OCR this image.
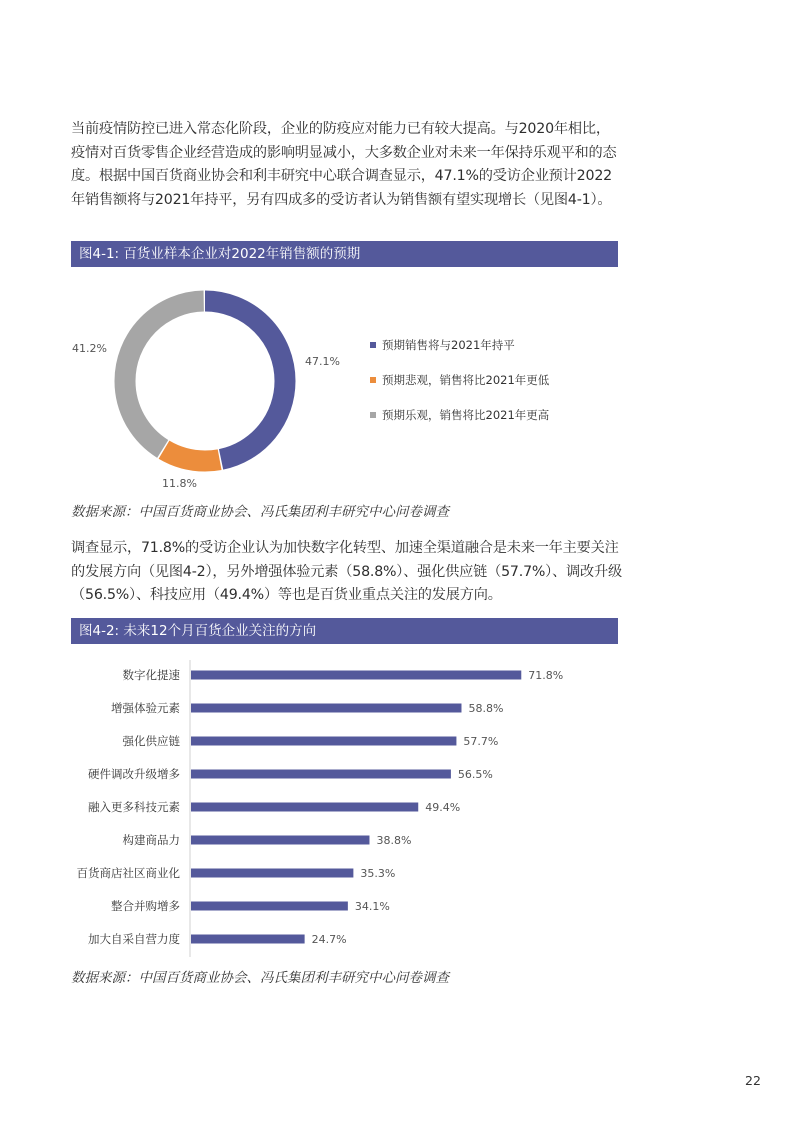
当前疫情防控已进入常态化阶段，企业的防疫应对能力已有较大提高。与2020年相比，疫情对百货零售企业经营造成的影响明显减小，大多数企业对未来一年保持乐观平和的态度。根据中国百货商业协会和利丰研究中心联合调查显示，47.1%的受访企业预计2022年销售额将与2021年持平，另有四成多的受访者认为销售额有望实现增长（见图4-1）。

图4-1: 百货业样本企业对2022年销售额的预期
47.1%
11.8%
41.2%	预期销售将与2021年持平
预期悲观，销售将比2021年更低
预期乐观，销售将比2021年更高

数据来源：中国百货商业协会、冯氏集团利丰研究中心问卷调查

调查显示，71.8%的受访企业认为加快数字化转型、加速全渠道融合是未来一年主要关注的发展方向（见图4-2），另外增强体验元素（58.8%）、强化供应链（57.7%）、调改升级（56.5%）、科技应用（49.4%）等也是百货业重点关注的发展方向。

图4-2: 未来12个月百货企业关注的方向
数字化提速	71.8%
增强体验元素	58.8%
强化供应链	57.7%
硬件调改升级增多	56.5%
融入更多科技元素	49.4%
构建商品力	38.8%
百货商店社区商业化	35.3%
整合并购增多	34.1%
加大自采自营力度	24.7%

数据来源：中国百货商业协会、冯氏集团利丰研究中心问卷调查

22
